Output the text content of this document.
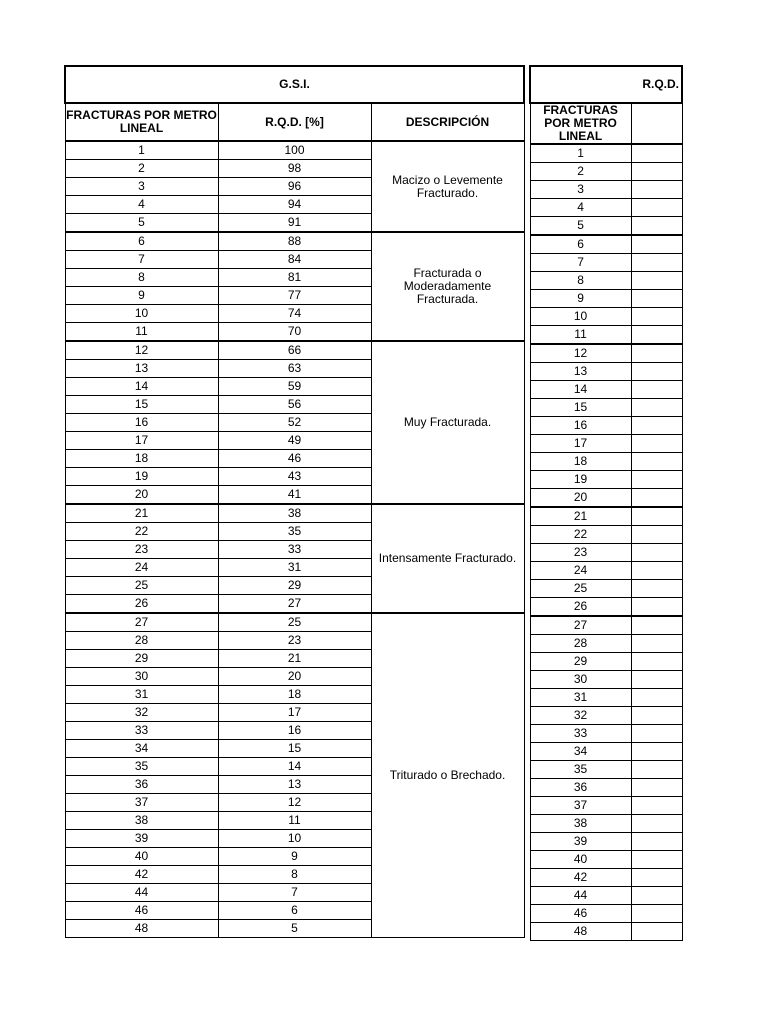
G.S.I.		
FRACTURAS POR METRO LINEAL	R.Q.D. [%]	DESCRIPCIÓN
1	100	Macizo o Levemente Fracturado.
2	98	
3	96	
4	94	
5	91	
6	88	Fracturada o Moderadamente Fracturada.
7	84	
8	81	
9	77	
10	74	
11	70	
12	66	Muy Fracturada.
13	63	
14	59	
15	56	
16	52	
17	49	
18	46	
19	43	
20	41	
21	38	Intensamente Fracturado.
22	35	
23	33	
24	31	
25	29	
26	27	
27	25	Triturado o Brechado.
28	23	
29	21	
30	20	
31	18	
32	17	
33	16	
34	15	
35	14	
36	13	
37	12	
38	11	
39	10	
40	9	
42	8	
44	7	
46	6	
48	5	
R.Q.D.	
FRACTURAS POR METRO LINEAL	
1	
2	
3	
4	
5	
6	
7	
8	
9	
10	
11	
12	
13	
14	
15	
16	
17	
18	
19	
20	
21	
22	
23	
24	
25	
26	
27	
28	
29	
30	
31	
32	
33	
34	
35	
36	
37	
38	
39	
40	
42	
44	
46	
48	
